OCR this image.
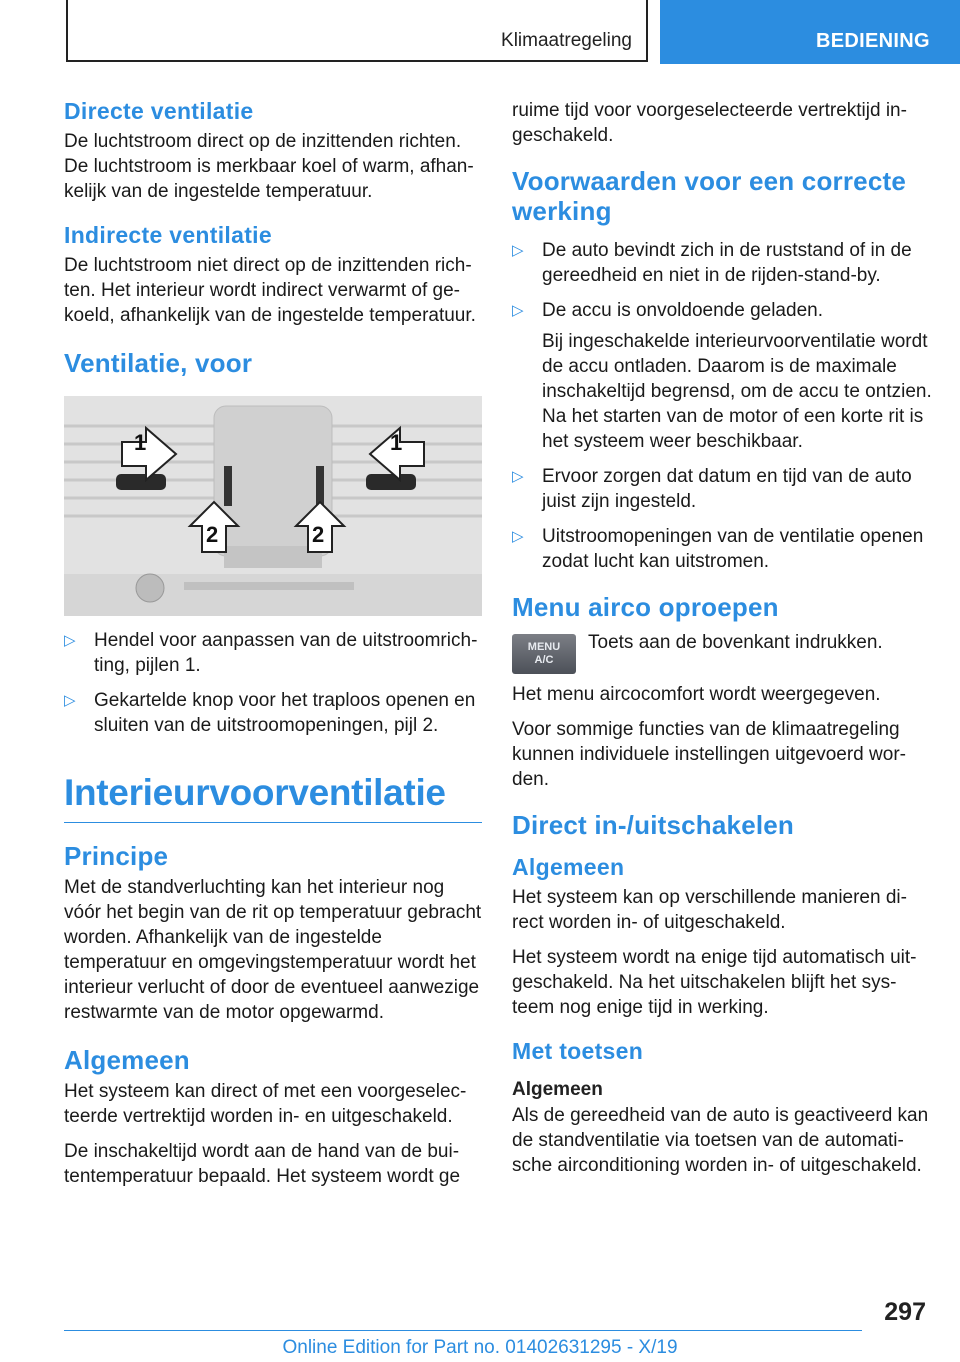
Klimaatregeling	BEDIENING
Directe ventilatie

De luchtstroom direct op de inzittenden richten. De luchtstroom is merkbaar koel of warm, afhankelijk van de ingestelde temperatuur.

Indirecte ventilatie

De luchtstroom niet direct op de inzittenden richten. Het interieur wordt indirect verwarmt of gekoeld, afhankelijk van de ingestelde temperatuur.

Ventilatie, voor
1	1
2	2
▷ Hendel voor aanpassen van de uitstroomrichting, pijlen 1.
▷ Gekartelde knop voor het traploos openen en sluiten van de uitstroomopeningen, pijl 2.
Interieurvoorventilatie
Principe

Met de standverluchting kan het interieur nog vóór het begin van de rit op temperatuur gebracht worden. Afhankelijk van de ingestelde temperatuur en omgevingstemperatuur wordt het interieur verlucht of door de eventueel aanwezige restwarmte van de motor opgewarmd.

Algemeen

Het systeem kan direct of met een voorgeselecteerde vertrektijd worden in- en uitgeschakeld.

De inschakeltijd wordt aan de hand van de buitentemperatuur bepaald. Het systeem wordt ge

ruime tijd voor voorgeselecteerde vertrektijd ingeschakeld.

Voorwaarden voor een correcte werking
▷ De auto bevindt zich in de ruststand of in de gereedheid en niet in de rijden-stand-by.
▷ De accu is onvoldoende geladen.
Bij ingeschakelde interieurvoorventilatie wordt de accu ontladen. Daarom is de maximale inschakeltijd begrensd, om de accu te ontzien. Na het starten van de motor of een korte rit is het systeem weer beschikbaar.
▷ Ervoor zorgen dat datum en tijd van de auto juist zijn ingesteld.
▷ Uitstroomopeningen van de ventilatie openen zodat lucht kan uitstromen.
Menu airco oproepen
MENU
A/C

Toets aan de bovenkant indrukken.

Het menu aircocomfort wordt weergegeven.

Voor sommige functies van de klimaatregeling kunnen individuele instellingen uitgevoerd worden.

Direct in-/uitschakelen
Algemeen

Het systeem kan op verschillende manieren direct worden in- of uitgeschakeld.

Het systeem wordt na enige tijd automatisch uitgeschakeld. Na het uitschakelen blijft het systeem nog enige tijd in werking.

Met toetsen
Algemeen

Als de gereedheid van de auto is geactiveerd kan de standventilatie via toetsen van de automatische airconditioning worden in- of uitgeschakeld.

297
Online Edition for Part no. 01402631295 - X/19
